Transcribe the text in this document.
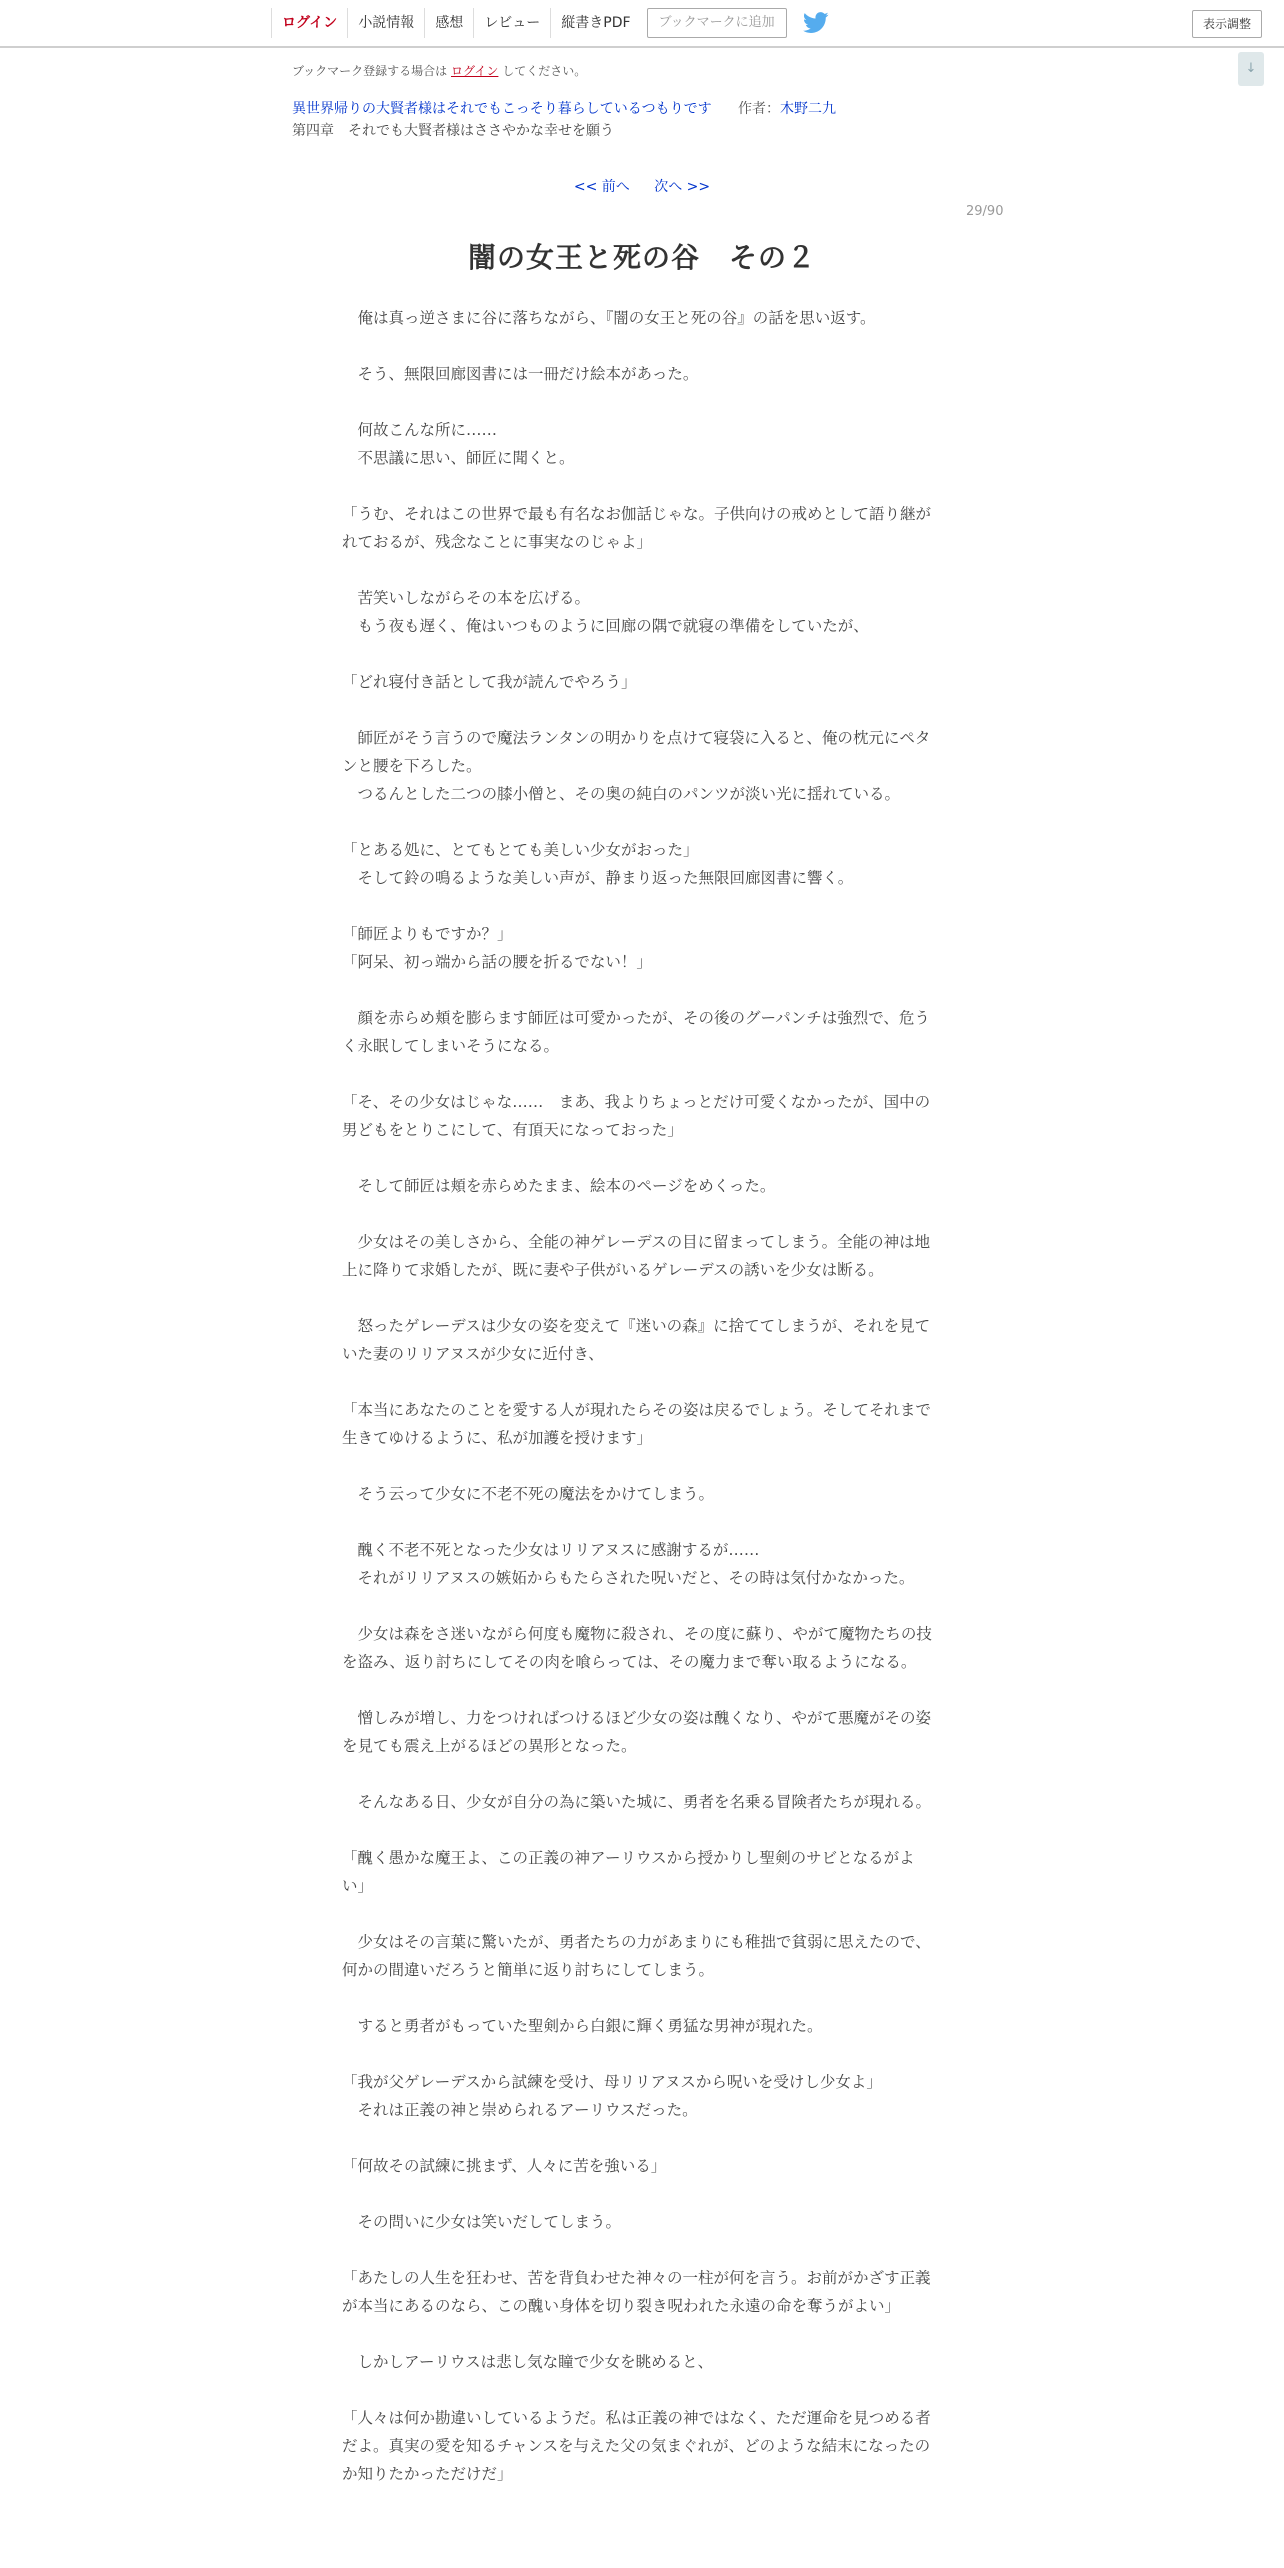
ログイン	小説情報	感想	レビュー	縦書きPDF	ブックマークに追加	表示調整
↓
ブックマーク登録する場合は ログイン してください。
異世界帰りの大賢者様はそれでもこっそり暮らしているつもりです 作者：木野二九
第四章　それでも大賢者様はささやかな幸せを願う
<< 前へ 次へ >>
29/90
闇の女王と死の谷　その２

　俺は真っ逆さまに谷に落ちながら、『闇の女王と死の谷』の話を思い返す。

　そう、無限回廊図書には一冊だけ絵本があった。

　何故こんな所に……

　不思議に思い、師匠に聞くと。

「うむ、それはこの世界で最も有名なお伽話じゃな。子供向けの戒めとして語り継がれておるが、残念なことに事実なのじゃよ」

　苦笑いしながらその本を広げる。

　もう夜も遅く、俺はいつものように回廊の隅で就寝の準備をしていたが、

「どれ寝付き話として我が読んでやろう」

　師匠がそう言うので魔法ランタンの明かりを点けて寝袋に入ると、俺の枕元にペタンと腰を下ろした。

　つるんとした二つの膝小僧と、その奥の純白のパンツが淡い光に揺れている。

「とある処に、とてもとても美しい少女がおった」

　そして鈴の鳴るような美しい声が、静まり返った無限回廊図書に響く。

「師匠よりもですか？」

「阿呆、初っ端から話の腰を折るでない！」

　顔を赤らめ頬を膨らます師匠は可愛かったが、その後のグーパンチは強烈で、危うく永眠してしまいそうになる。

「そ、その少女はじゃな……　まあ、我よりちょっとだけ可愛くなかったが、国中の男どもをとりこにして、有頂天になっておった」

　そして師匠は頬を赤らめたまま、絵本のページをめくった。

　少女はその美しさから、全能の神ゲレーデスの目に留まってしまう。全能の神は地上に降りて求婚したが、既に妻や子供がいるゲレーデスの誘いを少女は断る。

　怒ったゲレーデスは少女の姿を変えて『迷いの森』に捨ててしまうが、それを見ていた妻のリリアヌスが少女に近付き、

「本当にあなたのことを愛する人が現れたらその姿は戻るでしょう。そしてそれまで生きてゆけるように、私が加護を授けます」

　そう云って少女に不老不死の魔法をかけてしまう。

　醜く不老不死となった少女はリリアヌスに感謝するが……

　それがリリアヌスの嫉妬からもたらされた呪いだと、その時は気付かなかった。

　少女は森をさ迷いながら何度も魔物に殺され、その度に蘇り、やがて魔物たちの技を盗み、返り討ちにしてその肉を喰らっては、その魔力まで奪い取るようになる。

　憎しみが増し、力をつければつけるほど少女の姿は醜くなり、やがて悪魔がその姿を見ても震え上がるほどの異形となった。

　そんなある日、少女が自分の為に築いた城に、勇者を名乗る冒険者たちが現れる。

「醜く愚かな魔王よ、この正義の神アーリウスから授かりし聖剣のサビとなるがよい」

　少女はその言葉に驚いたが、勇者たちの力があまりにも稚拙で貧弱に思えたので、何かの間違いだろうと簡単に返り討ちにしてしまう。

　すると勇者がもっていた聖剣から白銀に輝く勇猛な男神が現れた。

「我が父ゲレーデスから試練を受け、母リリアヌスから呪いを受けし少女よ」

　それは正義の神と崇められるアーリウスだった。

「何故その試練に挑まず、人々に苦を強いる」

　その問いに少女は笑いだしてしまう。

「あたしの人生を狂わせ、苦を背負わせた神々の一柱が何を言う。お前がかざす正義が本当にあるのなら、この醜い身体を切り裂き呪われた永遠の命を奪うがよい」

　しかしアーリウスは悲し気な瞳で少女を眺めると、

「人々は何か勘違いしているようだ。私は正義の神ではなく、ただ運命を見つめる者だよ。真実の愛を知るチャンスを与えた父の気まぐれが、どのような結末になったのか知りたかっただけだ」
